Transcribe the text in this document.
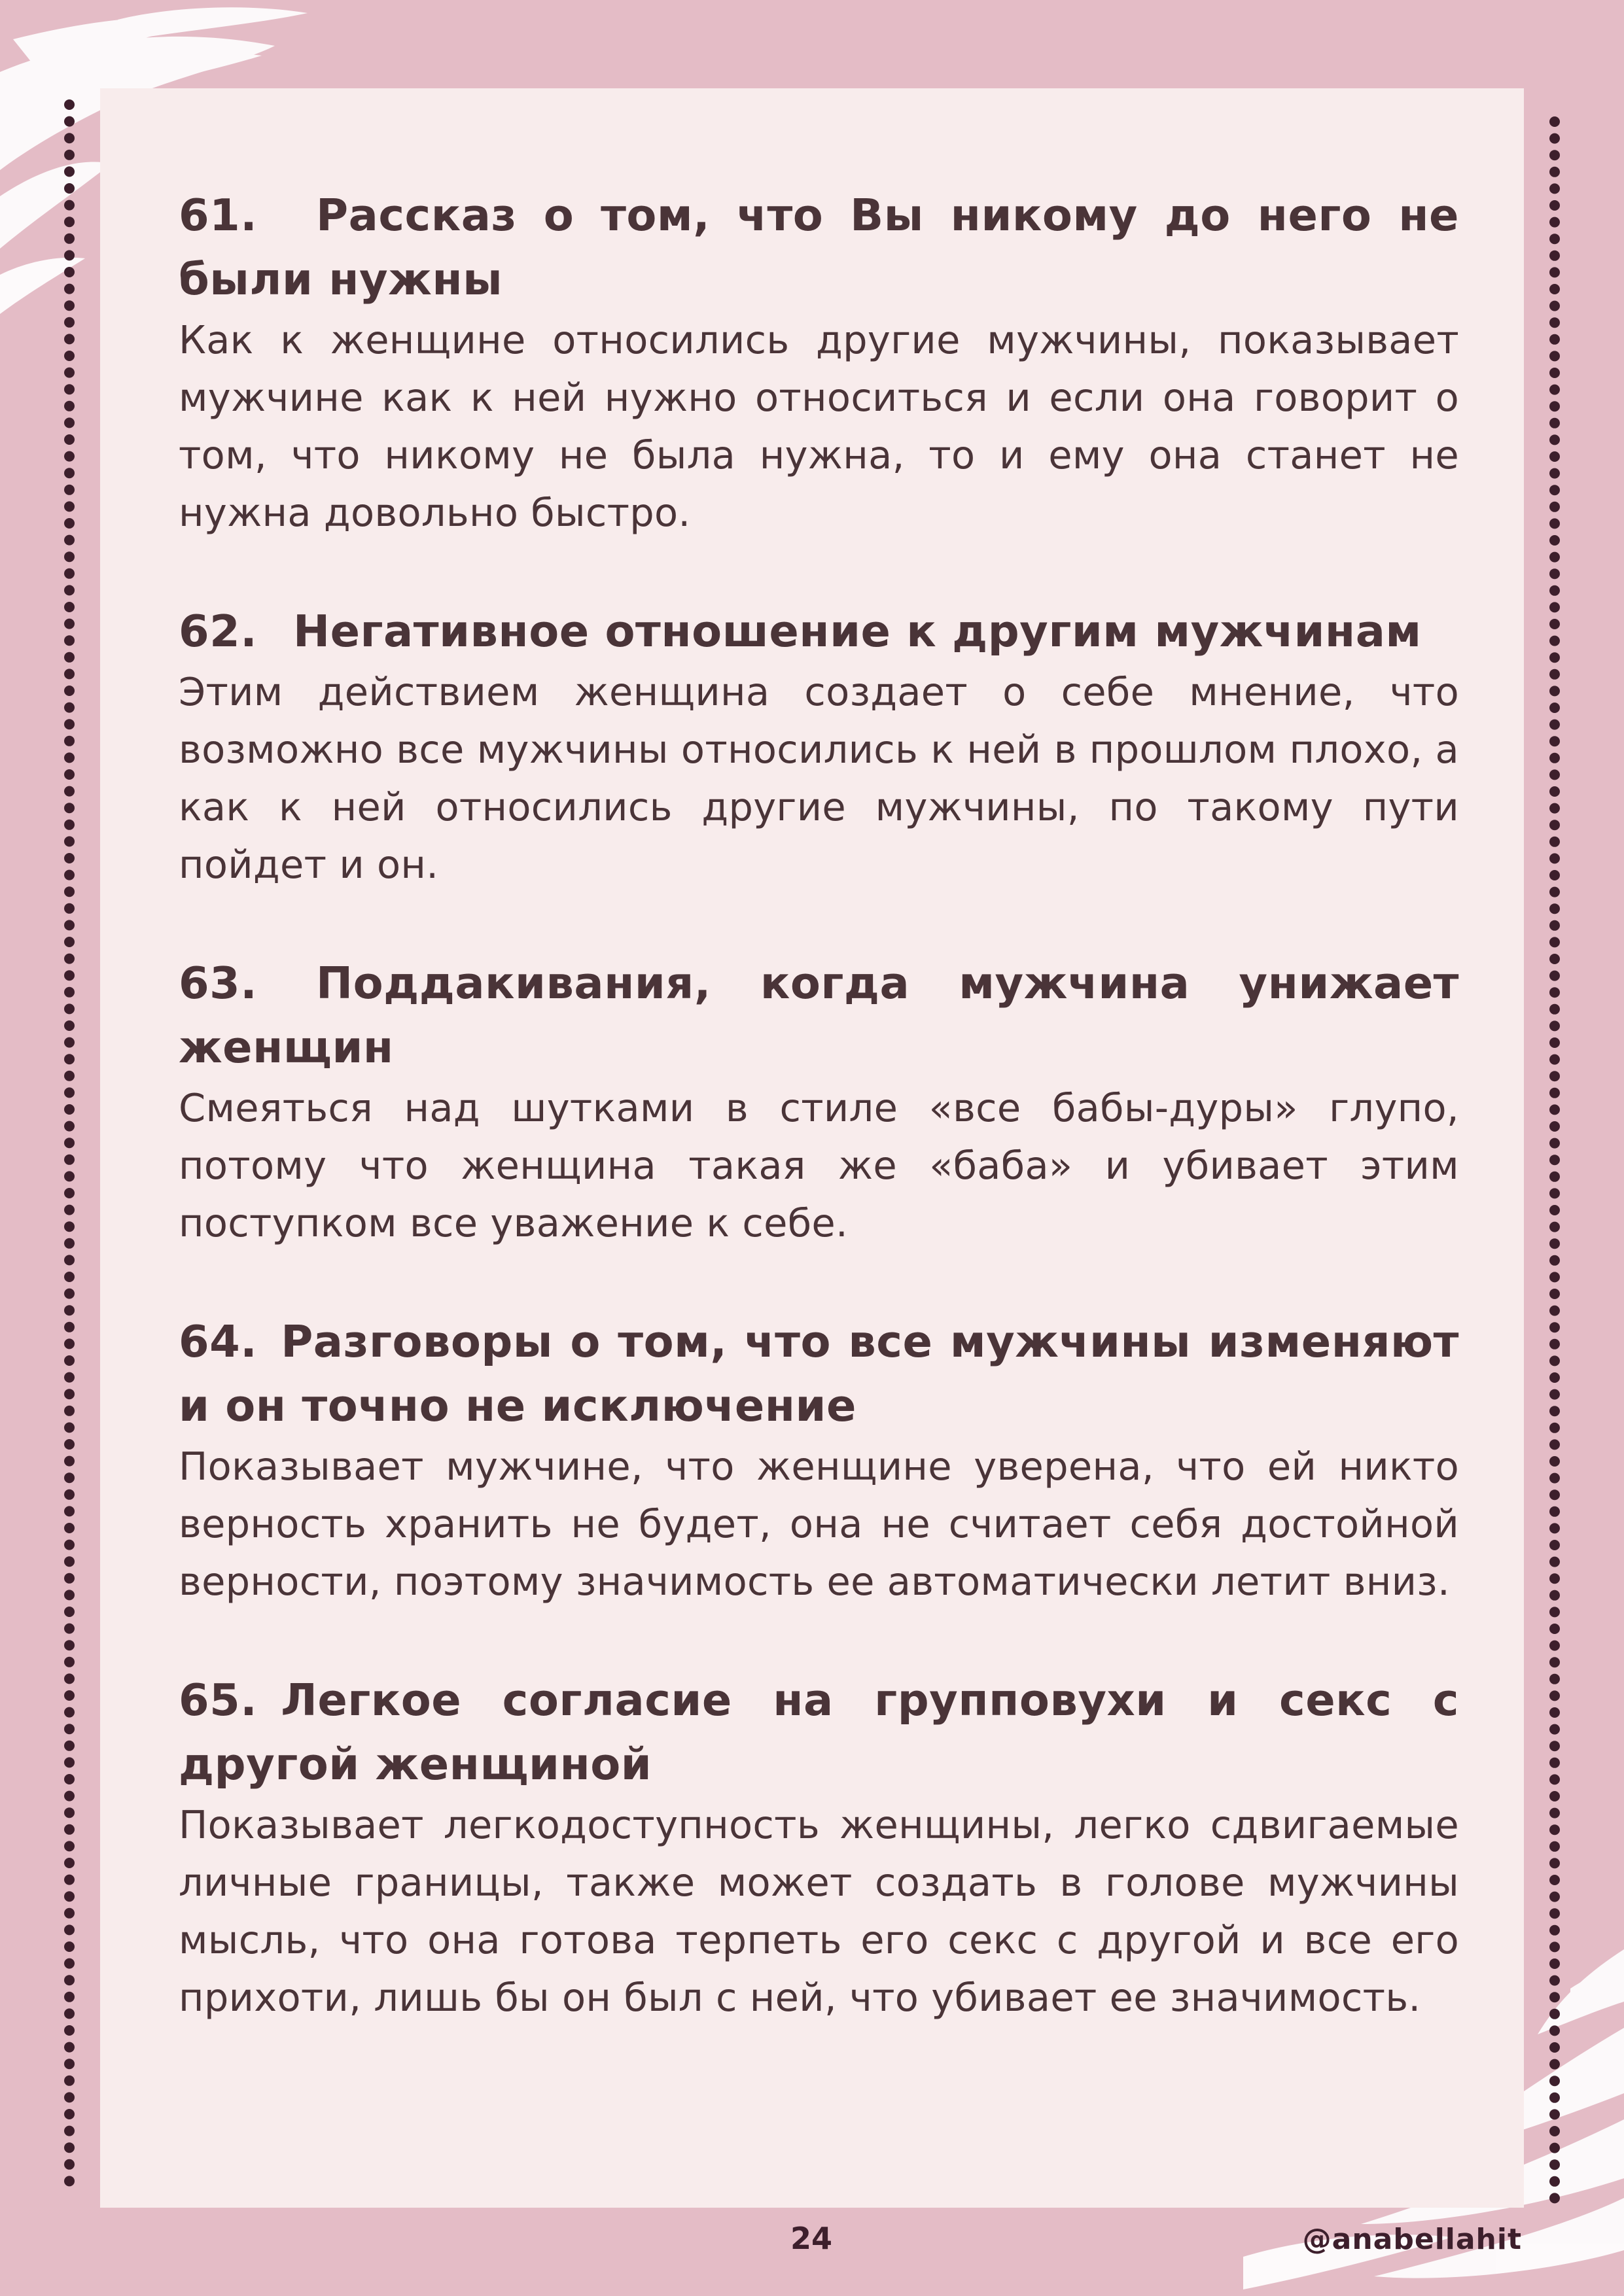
61. Рассказ о том, что Вы никому до него не были нужны

Как к женщине относились другие мужчины, показывает мужчине как к ней нужно относиться и если она говорит о том, что никому не была нужна, то и ему она станет не нужна довольно быстро.

62. Негативное отношение к другим мужчинам

Этим действием женщина создает о себе мнение, что возможно все мужчины относились к ней в прошлом плохо, а как к ней относились другие мужчины, по такому пути пойдет и он.

63. Поддакивания, когда мужчина унижает женщин

Смеяться над шутками в стиле «все бабы-дуры» глупо, потому что женщина такая же «баба» и убивает этим поступком все уважение к себе.

64. Разговоры о том, что все мужчины изменяют и он точно не исключение

Показывает мужчине, что женщине уверена, что ей никто верность хранить не будет, она не считает себя достойной верности, поэтому значимость ее автоматически летит вниз.

65. Легкое согласие на групповухи и секс с другой женщиной

Показывает легкодоступность женщины, легко сдвигаемые личные границы, также может создать в голове мужчины мысль, что она готова терпеть его секс с другой и все его прихоти, лишь бы он был с ней, что убивает ее значимость.

24	@anabellahit
